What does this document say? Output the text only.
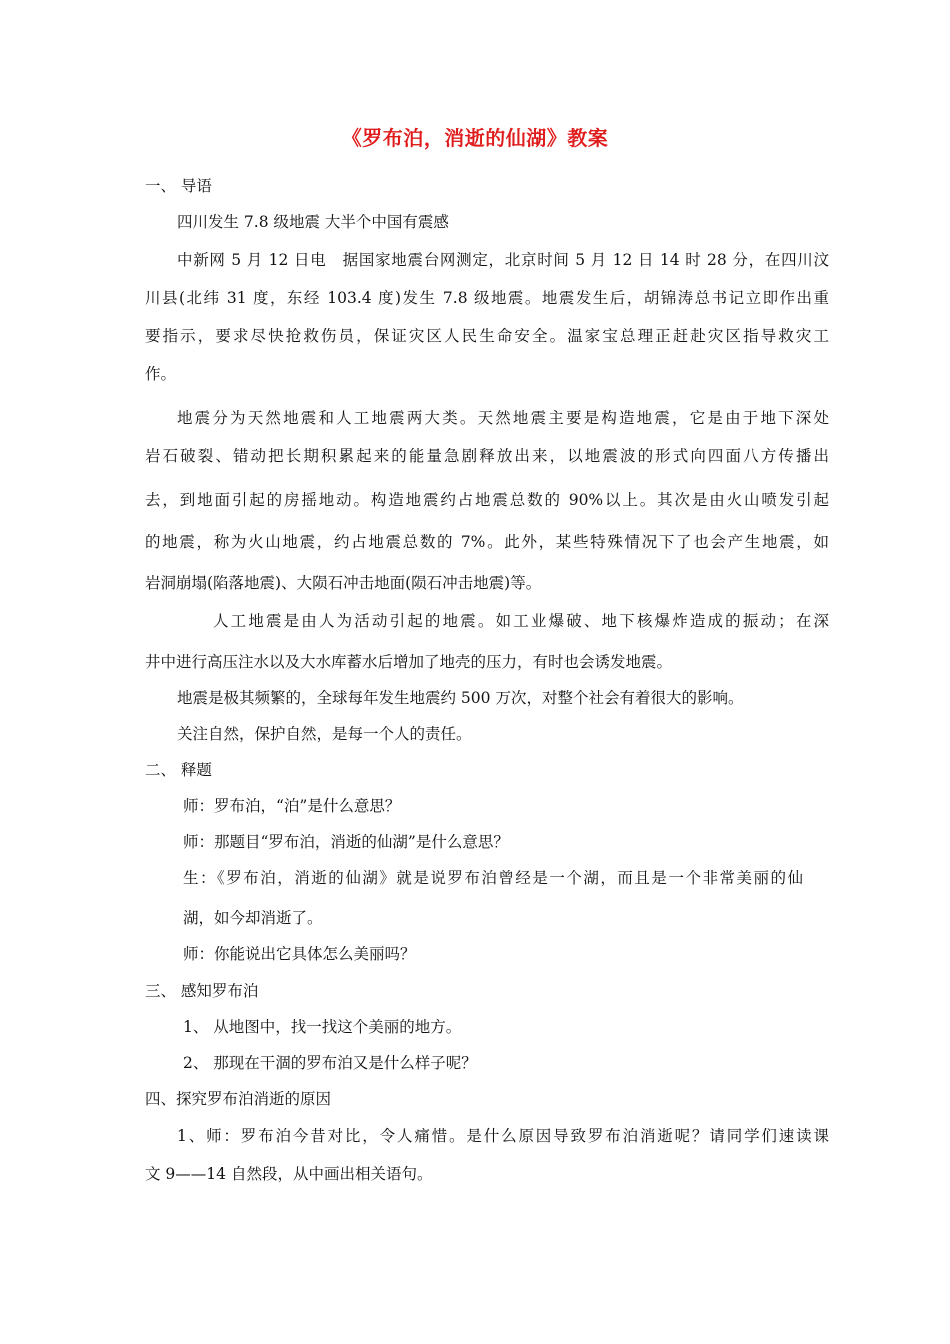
《罗布泊，消逝的仙湖》教案
一、 导语
四川发生 7.8 级地震 大半个中国有震感
中新网 5 月 12 日电　据国家地震台网测定，北京时间 5 月 12 日 14 时 28 分，在四川汶
川县(北纬 31 度，东经 103.4 度)发生 7.8 级地震。地震发生后，胡锦涛总书记立即作出重
要指示，要求尽快抢救伤员，保证灾区人民生命安全。温家宝总理正赶赴灾区指导救灾工
作。
地震分为天然地震和人工地震两大类。天然地震主要是构造地震，它是由于地下深处
岩石破裂、错动把长期积累起来的能量急剧释放出来，以地震波的形式向四面八方传播出
去，到地面引起的房摇地动。构造地震约占地震总数的 90%以上。其次是由火山喷发引起
的地震，称为火山地震，约占地震总数的 7%。此外，某些特殊情况下了也会产生地震，如
岩洞崩塌(陷落地震)、大陨石冲击地面(陨石冲击地震)等。
人工地震是由人为活动引起的地震。如工业爆破、地下核爆炸造成的振动；在深
井中进行高压注水以及大水库蓄水后增加了地壳的压力，有时也会诱发地震。
地震是极其频繁的，全球每年发生地震约 500 万次，对整个社会有着很大的影响。
关注自然，保护自然，是每一个人的责任。
二、 释题
师：罗布泊，“泊”是什么意思？
师：那题目“罗布泊，消逝的仙湖”是什么意思？
生：《罗布泊，消逝的仙湖》就是说罗布泊曾经是一个湖，而且是一个非常美丽的仙
湖，如今却消逝了。
师：你能说出它具体怎么美丽吗？
三、 感知罗布泊
1、 从地图中，找一找这个美丽的地方。
2、 那现在干涸的罗布泊又是什么样子呢？
四、探究罗布泊消逝的原因
1、师：罗布泊今昔对比，令人痛惜。是什么原因导致罗布泊消逝呢？请同学们速读课
文 9——14 自然段，从中画出相关语句。
